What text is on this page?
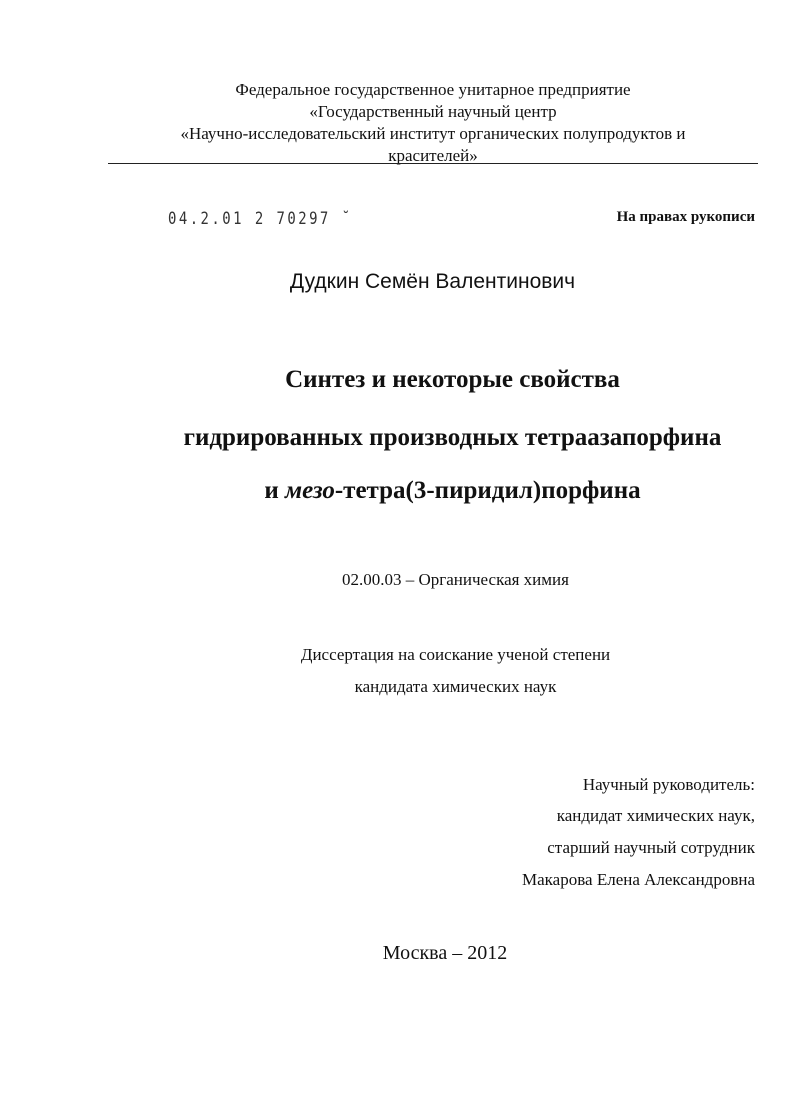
Федеральное государственное унитарное предприятие
«Государственный научный центр
«Научно-исследовательский институт органических полупродуктов и
красителей»
04.2.01 2 70297 ˘	На правах рукописи
Дудкин Семён Валентинович
Синтез и некоторые свойства
гидрированных производных тетраазапорфина
и мезо-тетра(3-пиридил)порфина
02.00.03 – Органическая химия
Диссертация на соискание ученой степени
кандидата химических наук
Научный руководитель:
кандидат химических наук,
старший научный сотрудник
Макарова Елена Александровна
Москва – 2012
